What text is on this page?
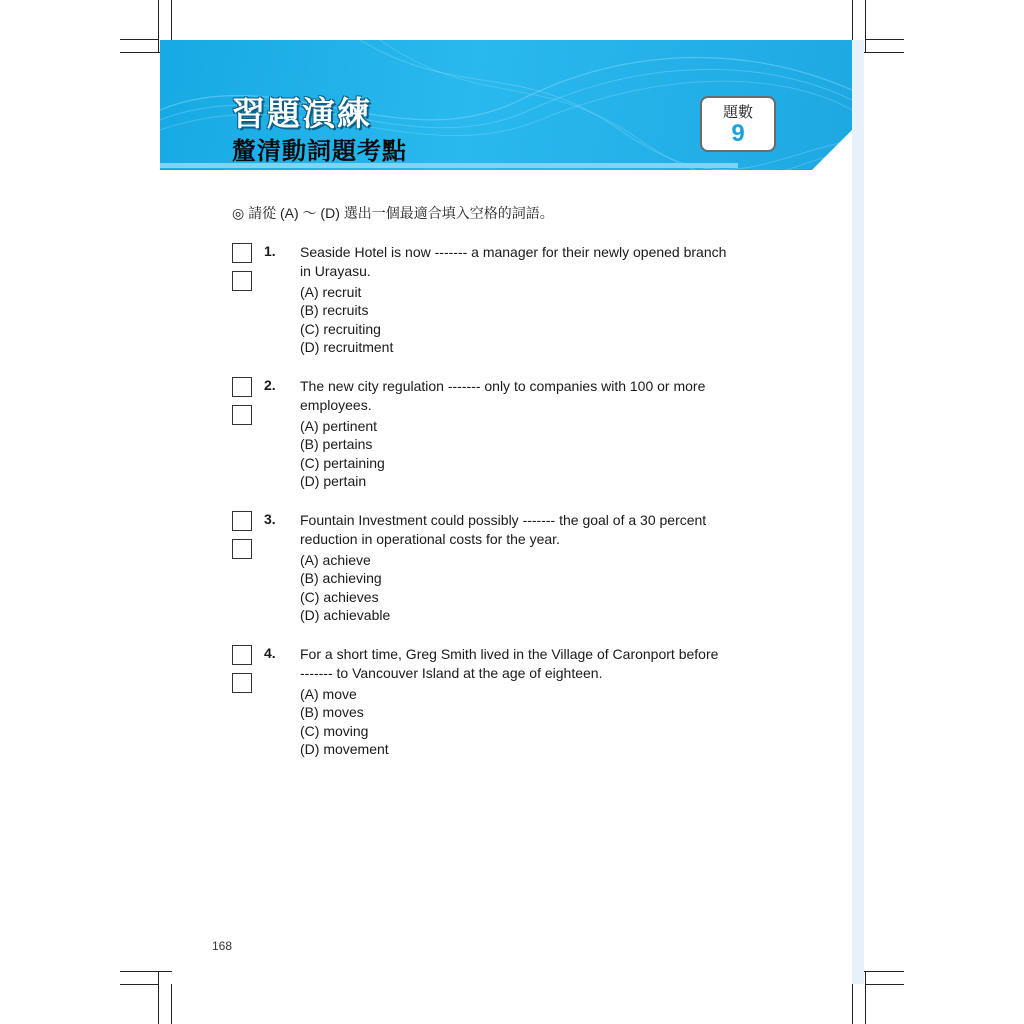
習題演練
釐清動詞題考點
題數
9
◎ 請從 (A) ～ (D) 選出一個最適合填入空格的詞語。
1. Seaside Hotel is now ------- a manager for their newly opened branch
in Urayasu.
(A) recruit
(B) recruits
(C) recruiting
(D) recruitment
2. The new city regulation ------- only to companies with 100 or more
employees.
(A) pertinent
(B) pertains
(C) pertaining
(D) pertain
3. Fountain Investment could possibly ------- the goal of a 30 percent
reduction in operational costs for the year.
(A) achieve
(B) achieving
(C) achieves
(D) achievable
4. For a short time, Greg Smith lived in the Village of Caronport before
------- to Vancouver Island at the age of eighteen.
(A) move
(B) moves
(C) moving
(D) movement
168
